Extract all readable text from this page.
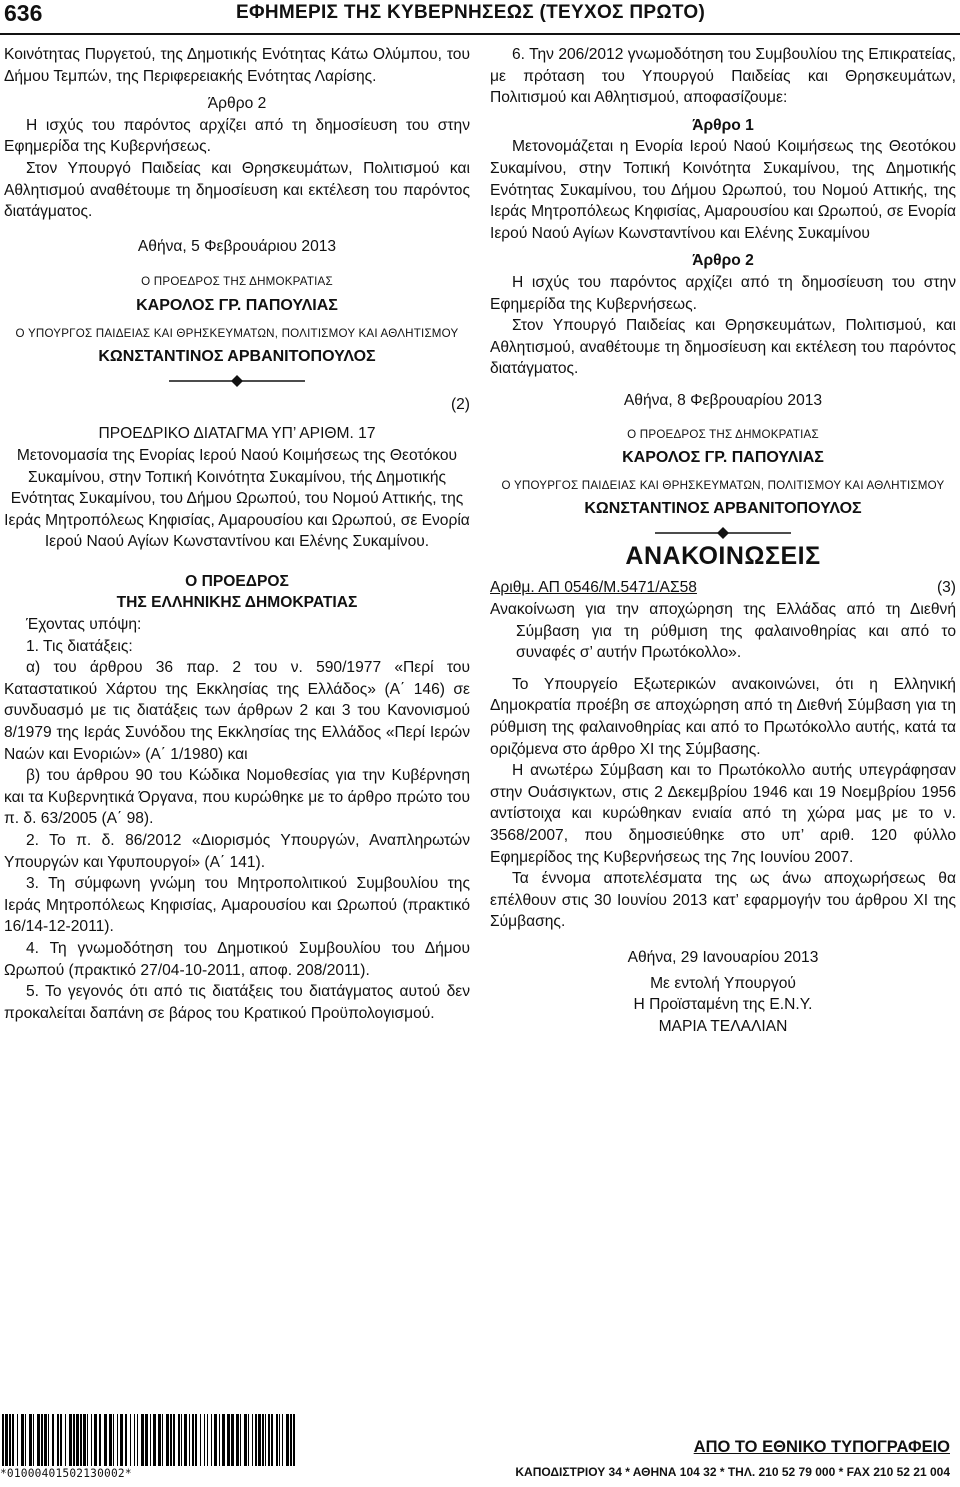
636	ΕΦΗΜΕΡΙΣ ΤΗΣ ΚΥΒΕΡΝΗΣΕΩΣ (ΤΕΥΧΟΣ ΠΡΩΤΟ)

Κοινότητας Πυργετού, της Δημοτικής Ενότητας Κάτω Ολύμπου, του Δήμου Τεμπών, της Περιφερειακής Ενότητας Λαρίσης.

Άρθρο 2

Η ισχύς του παρόντος αρχίζει από τη δημοσίευση του στην Εφημερίδα της Κυβερνήσεως.

Στον Υπουργό Παιδείας και Θρησκευμάτων, Πολιτισμού και Αθλητισμού αναθέτουμε τη δημοσίευση και εκτέλεση του παρόντος διατάγματος.

Αθήνα, 5 Φεβρουάριου 2013

Ο ΠΡΟΕΔΡΟΣ ΤΗΣ ΔΗΜΟΚΡΑΤΙΑΣ

ΚΑΡΟΛΟΣ ΓΡ. ΠΑΠΟΥΛΙΑΣ

Ο ΥΠΟΥΡΓΟΣ ΠΑΙΔΕΙΑΣ ΚΑΙ ΘΡΗΣΚΕΥΜΑΤΩΝ, ΠΟΛΙΤΙΣΜΟΥ ΚΑΙ ΑΘΛΗΤΙΣΜΟΥ

ΚΩΝΣΤΑΝΤΙΝΟΣ ΑΡΒΑΝΙΤΟΠΟΥΛΟΣ

(2)

ΠΡΟΕΔΡΙΚΟ ΔΙΑΤΑΓΜΑ ΥΠ’ ΑΡΙΘΜ. 17

Μετονομασία της Ενορίας Ιερού Ναού Κοιμήσεως της Θεοτόκου Συκαμίνου, στην Τοπική Κοινότητα Συκαμίνου, τής Δημοτικής Ενότητας Συκαμίνου, του Δήμου Ωρωπού, του Νομού Αττικής, της Ιεράς Μητροπόλεως Κηφισίας, Αμαρουσίου και Ωρωπού, σε Ενορία Ιερού Ναού Αγίων Κωνσταντίνου και Ελένης Συκαμίνου.

Ο ΠΡΟΕΔΡΟΣ

ΤΗΣ ΕΛΛΗΝΙΚΗΣ ΔΗΜΟΚΡΑΤΙΑΣ

Έχοντας υπόψη:

1. Τις διατάξεις:

α) του άρθρου 36 παρ. 2 του ν. 590/1977 «Περί του Καταστατικού Χάρτου της Εκκλησίας της Ελλάδος» (Α΄ 146) σε συνδυασμό με τις διατάξεις των άρθρων 2 και 3 του Κανονισμού 8/1979 της Ιεράς Συνόδου της Εκκλησίας της Ελλάδος «Περί Ιερών Ναών και Ενοριών» (Α΄ 1/1980) και

β) του άρθρου 90 του Κώδικα Νομοθεσίας για την Κυβέρνηση και τα Κυβερνητικά Όργανα, που κυρώθηκε με το άρθρο πρώτο του π. δ. 63/2005 (Α΄ 98).

2. Το π. δ. 86/2012 «Διορισμός Υπουργών, Αναπληρωτών Υπουργών και Υφυπουργοί» (Α΄ 141).

3. Τη σύμφωνη γνώμη του Μητροπολιτικού Συμβουλίου της Ιεράς Μητροπόλεως Κηφισίας, Αμαρουσίου και Ωρωπού (πρακτικό 16/14-12-2011).

4. Τη γνωμοδότηση του Δημοτικού Συμβουλίου του Δήμου Ωρωπού (πρακτικό 27/04-10-2011, αποφ. 208/2011).

5. Το γεγονός ότι από τις διατάξεις του διατάγματος αυτού δεν προκαλείται δαπάνη σε βάρος του Κρατικού Προϋπολογισμού.

6. Την 206/2012 γνωμοδότηση του Συμβουλίου της Επικρατείας, με πρόταση του Υπουργού Παιδείας και Θρησκευμάτων, Πολιτισμού και Αθλητισμού, αποφασίζουμε:

Άρθρο 1

Μετονομάζεται η Ενορία Ιερού Ναού Κοιμήσεως της Θεοτόκου Συκαμίνου, στην Τοπική Κοινότητα Συκαμίνου, της Δημοτικής Ενότητας Συκαμίνου, του Δήμου Ωρωπού, του Νομού Αττικής, της Ιεράς Μητροπόλεως Κηφισίας, Αμαρουσίου και Ωρωπού, σε Ενορία Ιερού Ναού Αγίων Κωνσταντίνου και Ελένης Συκαμίνου

Άρθρο 2

Η ισχύς του παρόντος αρχίζει από τη δημοσίευση του στην Εφημερίδα της Κυβερνήσεως.

Στον Υπουργό Παιδείας και Θρησκευμάτων, Πολιτισμού, και Αθλητισμού, αναθέτουμε τη δημοσίευση και εκτέλεση του παρόντος διατάγματος.

Αθήνα, 8 Φεβρουαρίου 2013

Ο ΠΡΟΕΔΡΟΣ ΤΗΣ ΔΗΜΟΚΡΑΤΙΑΣ

ΚΑΡΟΛΟΣ ΓΡ. ΠΑΠΟΥΛΙΑΣ

Ο ΥΠΟΥΡΓΟΣ ΠΑΙΔΕΙΑΣ ΚΑΙ ΘΡΗΣΚΕΥΜΑΤΩΝ, ΠΟΛΙΤΙΣΜΟΥ ΚΑΙ ΑΘΛΗΤΙΣΜΟΥ

ΚΩΝΣΤΑΝΤΙΝΟΣ ΑΡΒΑΝΙΤΟΠΟΥΛΟΣ

ΑΝΑΚΟΙΝΩΣΕΙΣ

Αριθμ. ΑΠ 0546/Μ.5471/ΑΣ58	(3)

Ανακοίνωση για την αποχώρηση της Ελλάδας από τη Διεθνή Σύμβαση για τη ρύθμιση της φαλαινοθηρίας και από το συναφές σ’ αυτήν Πρωτόκολλο».

Το Υπουργείο Εξωτερικών ανακοινώνει, ότι η Ελληνική Δημοκρατία προέβη σε αποχώρηση από τη Διεθνή Σύμβαση για τη ρύθμιση της φαλαινοθηρίας και από το Πρωτόκολλο αυτής, κατά τα οριζόμενα στο άρθρο XI της Σύμβασης.

Η ανωτέρω Σύμβαση και το Πρωτόκολλο αυτής υπεγράφησαν στην Ουάσιγκτων, στις 2 Δεκεμβρίου 1946 και 19 Νοεμβρίου 1956 αντίστοιχα και κυρώθηκαν ενιαία από τη χώρα μας με το ν. 3568/2007, που δημοσιεύθηκε στο υπ’ αριθ. 120 φύλλο Εφημερίδος της Κυβερνήσεως της 7ης Ιουνίου 2007.

Τα έννομα αποτελέσματα της ως άνω αποχωρήσεως θα επέλθουν στις 30 Ιουνίου 2013 κατ’ εφαρμογήν του άρθρου XI της Σύμβασης.

Αθήνα, 29 Ιανουαρίου 2013

Με εντολή Υπουργού

Η Προϊσταμένη της Ε.Ν.Υ.

ΜΑΡΙΑ ΤΕΛΑΛΙΑΝ

*01000401502130002*
ΑΠΟ ΤΟ ΕΘΝΙΚΟ ΤΥΠΟΓΡΑΦΕΙΟ
ΚΑΠΟΔΙΣΤΡΙΟΥ 34 * ΑΘΗΝΑ 104 32 * ΤΗΛ. 210 52 79 000 * FAX 210 52 21 004
